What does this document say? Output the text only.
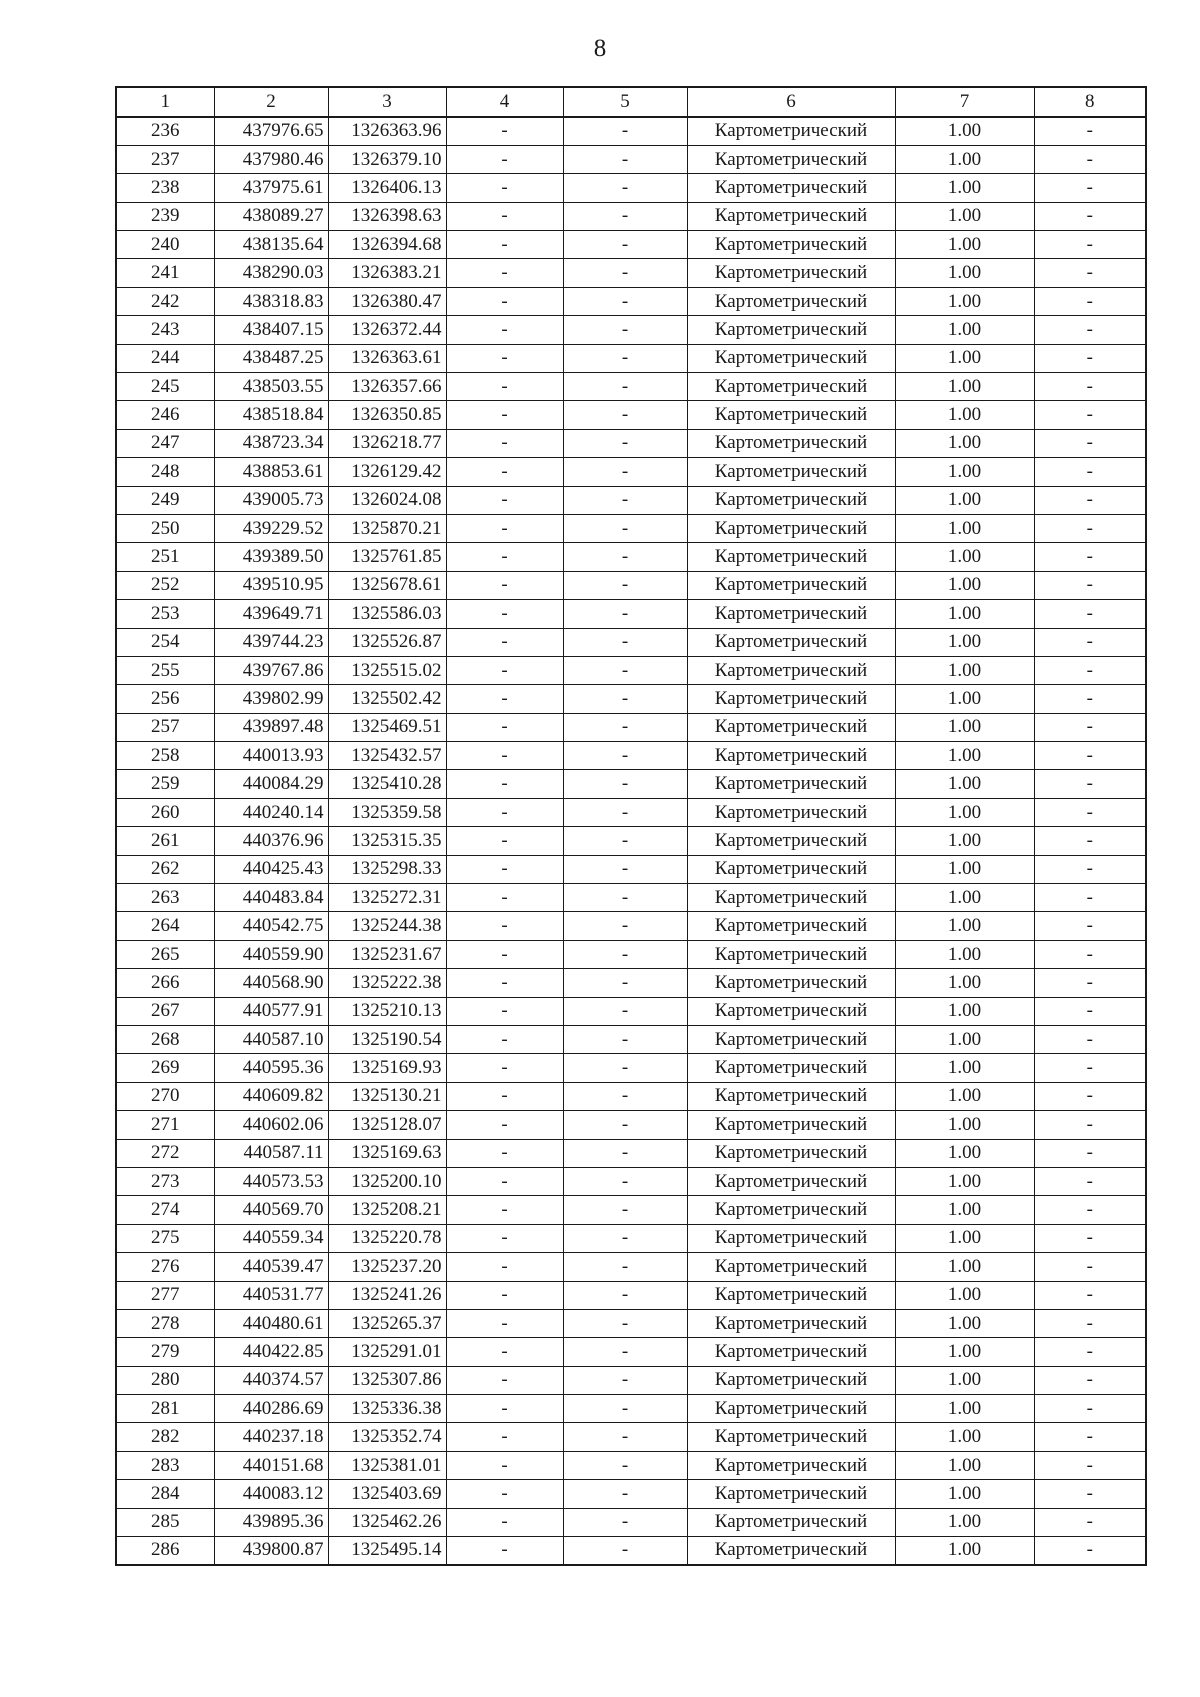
8
1	2	3	4	5	6	7	8
236	437976.65	1326363.96	-	-	Картометрический	1.00	-
237	437980.46	1326379.10	-	-	Картометрический	1.00	-
238	437975.61	1326406.13	-	-	Картометрический	1.00	-
239	438089.27	1326398.63	-	-	Картометрический	1.00	-
240	438135.64	1326394.68	-	-	Картометрический	1.00	-
241	438290.03	1326383.21	-	-	Картометрический	1.00	-
242	438318.83	1326380.47	-	-	Картометрический	1.00	-
243	438407.15	1326372.44	-	-	Картометрический	1.00	-
244	438487.25	1326363.61	-	-	Картометрический	1.00	-
245	438503.55	1326357.66	-	-	Картометрический	1.00	-
246	438518.84	1326350.85	-	-	Картометрический	1.00	-
247	438723.34	1326218.77	-	-	Картометрический	1.00	-
248	438853.61	1326129.42	-	-	Картометрический	1.00	-
249	439005.73	1326024.08	-	-	Картометрический	1.00	-
250	439229.52	1325870.21	-	-	Картометрический	1.00	-
251	439389.50	1325761.85	-	-	Картометрический	1.00	-
252	439510.95	1325678.61	-	-	Картометрический	1.00	-
253	439649.71	1325586.03	-	-	Картометрический	1.00	-
254	439744.23	1325526.87	-	-	Картометрический	1.00	-
255	439767.86	1325515.02	-	-	Картометрический	1.00	-
256	439802.99	1325502.42	-	-	Картометрический	1.00	-
257	439897.48	1325469.51	-	-	Картометрический	1.00	-
258	440013.93	1325432.57	-	-	Картометрический	1.00	-
259	440084.29	1325410.28	-	-	Картометрический	1.00	-
260	440240.14	1325359.58	-	-	Картометрический	1.00	-
261	440376.96	1325315.35	-	-	Картометрический	1.00	-
262	440425.43	1325298.33	-	-	Картометрический	1.00	-
263	440483.84	1325272.31	-	-	Картометрический	1.00	-
264	440542.75	1325244.38	-	-	Картометрический	1.00	-
265	440559.90	1325231.67	-	-	Картометрический	1.00	-
266	440568.90	1325222.38	-	-	Картометрический	1.00	-
267	440577.91	1325210.13	-	-	Картометрический	1.00	-
268	440587.10	1325190.54	-	-	Картометрический	1.00	-
269	440595.36	1325169.93	-	-	Картометрический	1.00	-
270	440609.82	1325130.21	-	-	Картометрический	1.00	-
271	440602.06	1325128.07	-	-	Картометрический	1.00	-
272	440587.11	1325169.63	-	-	Картометрический	1.00	-
273	440573.53	1325200.10	-	-	Картометрический	1.00	-
274	440569.70	1325208.21	-	-	Картометрический	1.00	-
275	440559.34	1325220.78	-	-	Картометрический	1.00	-
276	440539.47	1325237.20	-	-	Картометрический	1.00	-
277	440531.77	1325241.26	-	-	Картометрический	1.00	-
278	440480.61	1325265.37	-	-	Картометрический	1.00	-
279	440422.85	1325291.01	-	-	Картометрический	1.00	-
280	440374.57	1325307.86	-	-	Картометрический	1.00	-
281	440286.69	1325336.38	-	-	Картометрический	1.00	-
282	440237.18	1325352.74	-	-	Картометрический	1.00	-
283	440151.68	1325381.01	-	-	Картометрический	1.00	-
284	440083.12	1325403.69	-	-	Картометрический	1.00	-
285	439895.36	1325462.26	-	-	Картометрический	1.00	-
286	439800.87	1325495.14	-	-	Картометрический	1.00	-
